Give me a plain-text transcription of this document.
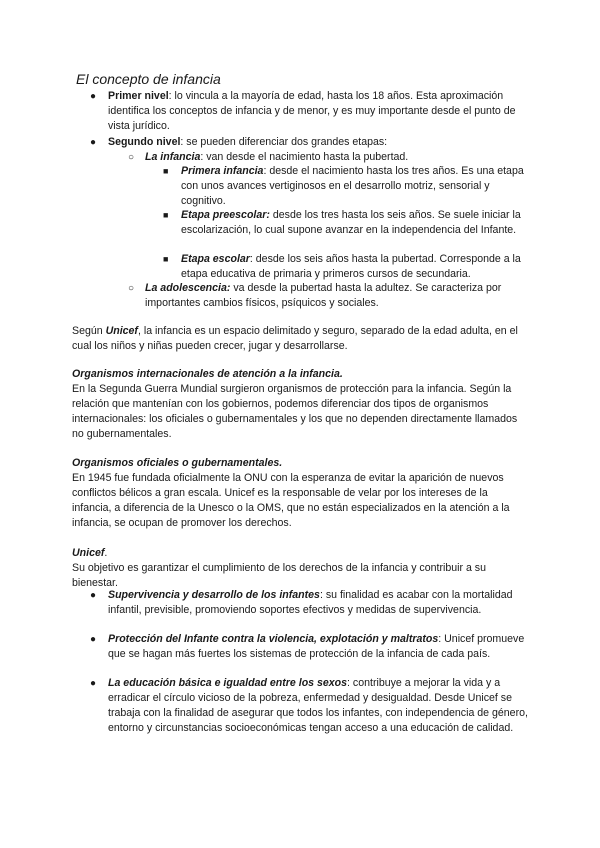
El concepto de infancia
● Primer nivel: lo vincula a la mayoría de edad, hasta los 18 años. Esta aproximación identifica los conceptos de infancia y de menor, y es muy importante desde el punto de vista jurídico.
● Segundo nivel: se pueden diferenciar dos grandes etapas:
○ La infancia: van desde el nacimiento hasta la pubertad.
■ Primera infancia: desde el nacimiento hasta los tres años. Es una etapa con unos avances vertiginosos en el desarrollo motriz, sensorial y cognitivo.
■ Etapa preescolar: desde los tres hasta los seis años. Se suele iniciar la escolarización, lo cual supone avanzar en la independencia del Infante.
■ Etapa escolar: desde los seis años hasta la pubertad. Corresponde a la etapa educativa de primaria y primeros cursos de secundaria.
○ La adolescencia: va desde la pubertad hasta la adultez. Se caracteriza por importantes cambios físicos, psíquicos y sociales.

Según Unicef, la infancia es un espacio delimitado y seguro, separado de la edad adulta, en el cual los niños y niñas pueden crecer, jugar y desarrollarse.

Organismos internacionales de atención a la infancia.
En la Segunda Guerra Mundial surgieron organismos de protección para la infancia. Según la relación que mantenían con los gobiernos, podemos diferenciar dos tipos de organismos internacionales: los oficiales o gubernamentales y los que no dependen directamente llamados no gubernamentales.

Organismos oficiales o gubernamentales.
En 1945 fue fundada oficialmente la ONU con la esperanza de evitar la aparición de nuevos conflictos bélicos a gran escala. Unicef es la responsable de velar por los intereses de la infancia, a diferencia de la Unesco o la OMS, que no están especializados en la atención a la infancia, se ocupan de promover los derechos.

Unicef.
Su objetivo es garantizar el cumplimiento de los derechos de la infancia y contribuir a su bienestar.

● Supervivencia y desarrollo de los infantes: su finalidad es acabar con la mortalidad infantil, previsible, promoviendo soportes efectivos y medidas de supervivencia.
● Protección del Infante contra la violencia, explotación y maltratos: Unicef promueve que se hagan más fuertes los sistemas de protección de la infancia de cada país.
● La educación básica e igualdad entre los sexos: contribuye a mejorar la vida y a erradicar el círculo vicioso de la pobreza, enfermedad y desigualdad. Desde Unicef se trabaja con la finalidad de asegurar que todos los infantes, con independencia de género, entorno y circunstancias socioeconómicas tengan acceso a una educación de calidad.
